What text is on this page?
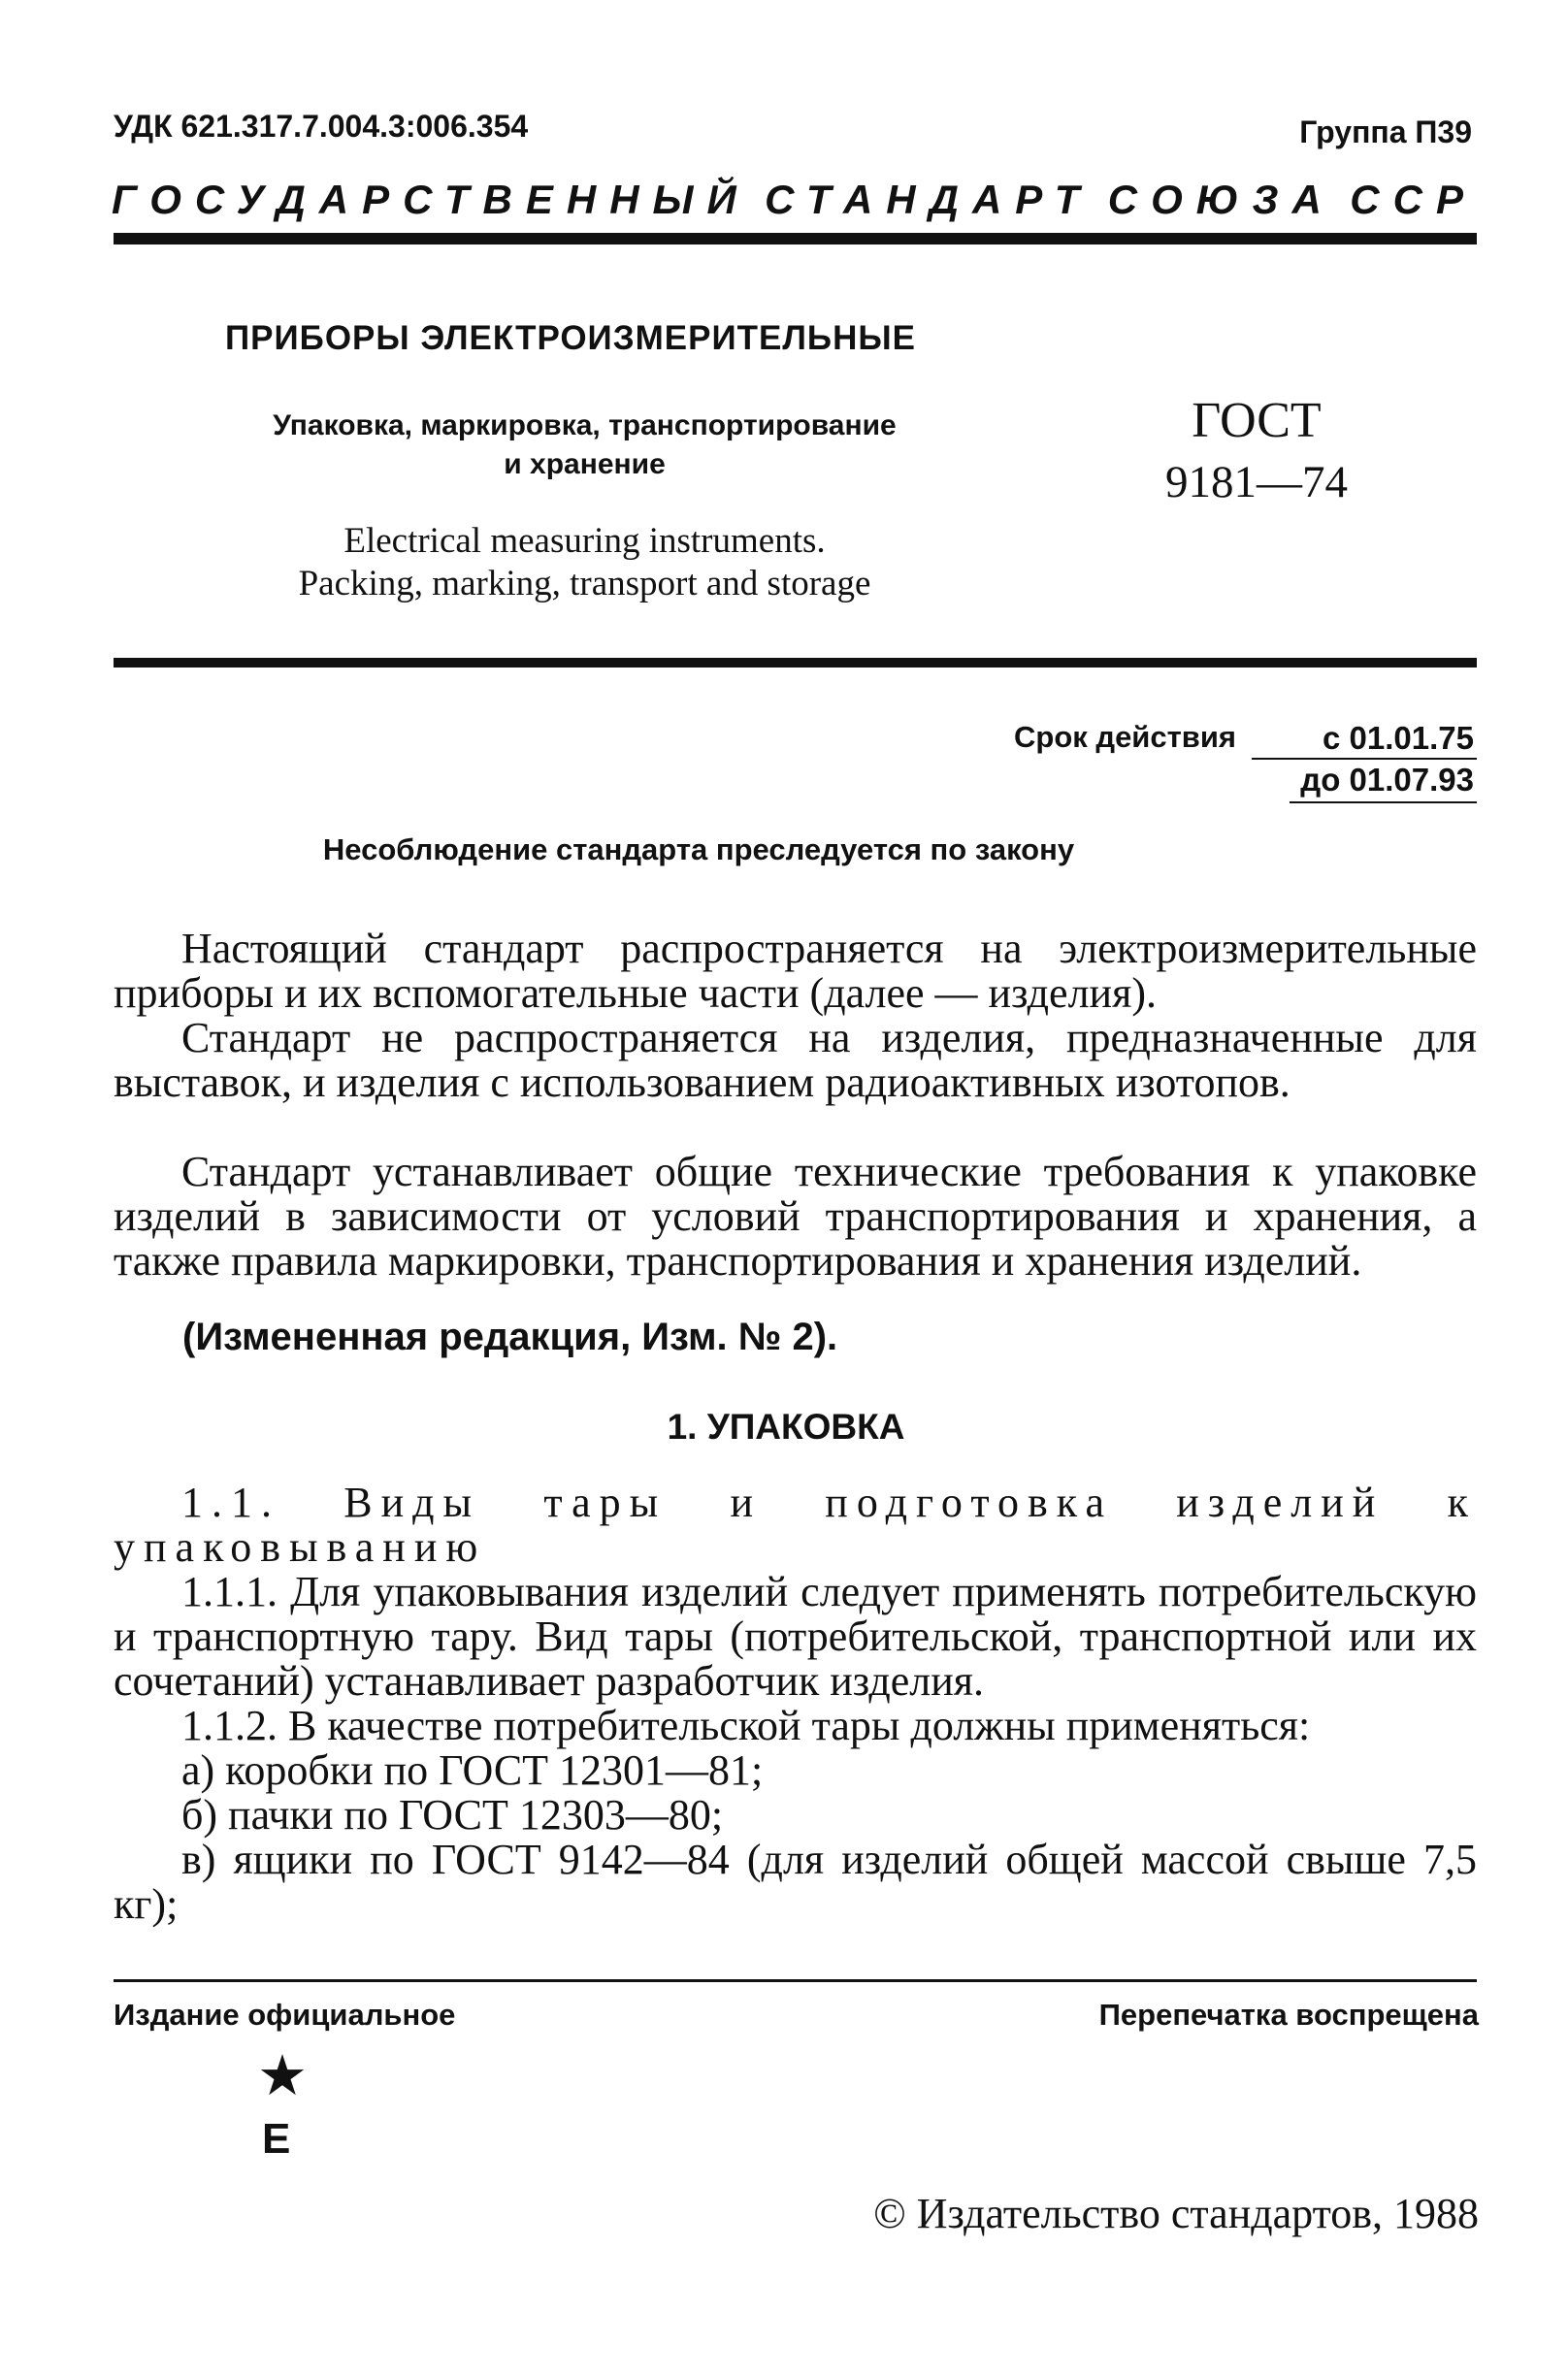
УДК 621.317.7.004.3:006.354	Группа П39
ГОСУДАРСТВЕННЫЙ СТАНДАРТ СОЮЗА ССР
ПРИБОРЫ ЭЛЕКТРОИЗМЕРИТЕЛЬНЫЕ
Упаковка, маркировка, транспортирование
и хранение
Electrical measuring instruments.
Packing, marking, transport and storage
ГОСТ
9181—74
Срок действия	с 01.01.75
до 01.07.93
Несоблюдение стандарта преследуется по закону
Настоящий стандарт распространяется на электроизмерительные приборы и их вспомогательные части (далее — изделия).
Стандарт не распространяется на изделия, предназначенные для выставок, и изделия с использованием радиоактивных изотопов.
Стандарт устанавливает общие технические требования к упаковке изделий в зависимости от условий транспортирования и хранения, а также правила маркировки, транспортирования и хранения изделий.
(Измененная редакция, Изм. № 2).
1. УПАКОВКА
1.1. Виды тары и подготовка изделий к упаковыванию
1.1.1. Для упаковывания изделий следует применять потребительскую и транспортную тару. Вид тары (потребительской, транспортной или их сочетаний) устанавливает разработчик изделия.
1.1.2. В качестве потребительской тары должны применяться:
а) коробки по ГОСТ 12301—81;
б) пачки по ГОСТ 12303—80;
в) ящики по ГОСТ 9142—84 (для изделий общей массой свыше 7,5 кг);
Издание официальное	Перепечатка воспрещена
★
Е
© Издательство стандартов, 1988
